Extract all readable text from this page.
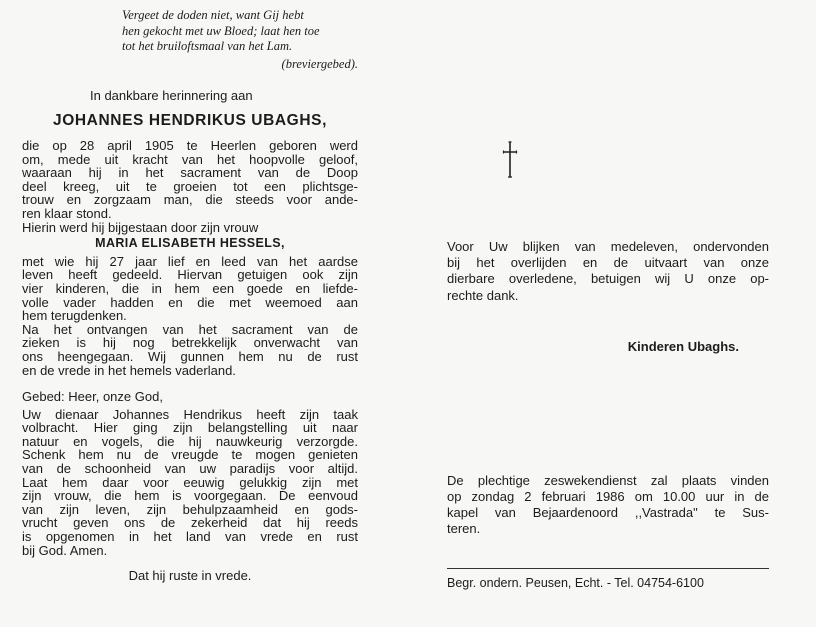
Vergeet de doden niet, want Gij hebt
hen gekocht met uw Bloed; laat hen toe
tot het bruiloftsmaal van het Lam.
(breviergebed).
In dankbare herinnering aan
JOHANNES HENDRIKUS UBAGHS,
die op 28 april 1905 te Heerlen geboren werd
om, mede uit kracht van het hoopvolle geloof,
waaraan hij in het sacrament van de Doop
deel kreeg, uit te groeien tot een plichtsge-
trouw en zorgzaam man, die steeds voor ande-
ren klaar stond.
Hierin werd hij bijgestaan door zijn vrouw
MARIA ELISABETH HESSELS,
met wie hij 27 jaar lief en leed van het aardse
leven heeft gedeeld. Hiervan getuigen ook zijn
vier kinderen, die in hem een goede en liefde-
volle vader hadden en die met weemoed aan
hem terugdenken.
Na het ontvangen van het sacrament van de
zieken is hij nog betrekkelijk onverwacht van
ons heengegaan. Wij gunnen hem nu de rust
en de vrede in het hemels vaderland.
Gebed: Heer, onze God,
Uw dienaar Johannes Hendrikus heeft zijn taak
volbracht. Hier ging zijn belangstelling uit naar
natuur en vogels, die hij nauwkeurig verzorgde.
Schenk hem nu de vreugde te mogen genieten
van de schoonheid van uw paradijs voor altijd.
Laat hem daar voor eeuwig gelukkig zijn met
zijn vrouw, die hem is voorgegaan. De eenvoud
van zijn leven, zijn behulpzaamheid en gods-
vrucht geven ons de zekerheid dat hij reeds
is opgenomen in het land van vrede en rust
bij God. Amen.
Dat hij ruste in vrede.
Voor Uw blijken van medeleven, ondervonden
bij het overlijden en de uitvaart van onze
dierbare overledene, betuigen wij U onze op-
rechte dank.
Kinderen Ubaghs.
De plechtige zeswekendienst zal plaats vinden
op zondag 2 februari 1986 om 10.00 uur in de
kapel van Bejaardenoord ,,Vastrada" te Sus-
teren.
Begr. ondern. Peusen, Echt. - Tel. 04754-6100
